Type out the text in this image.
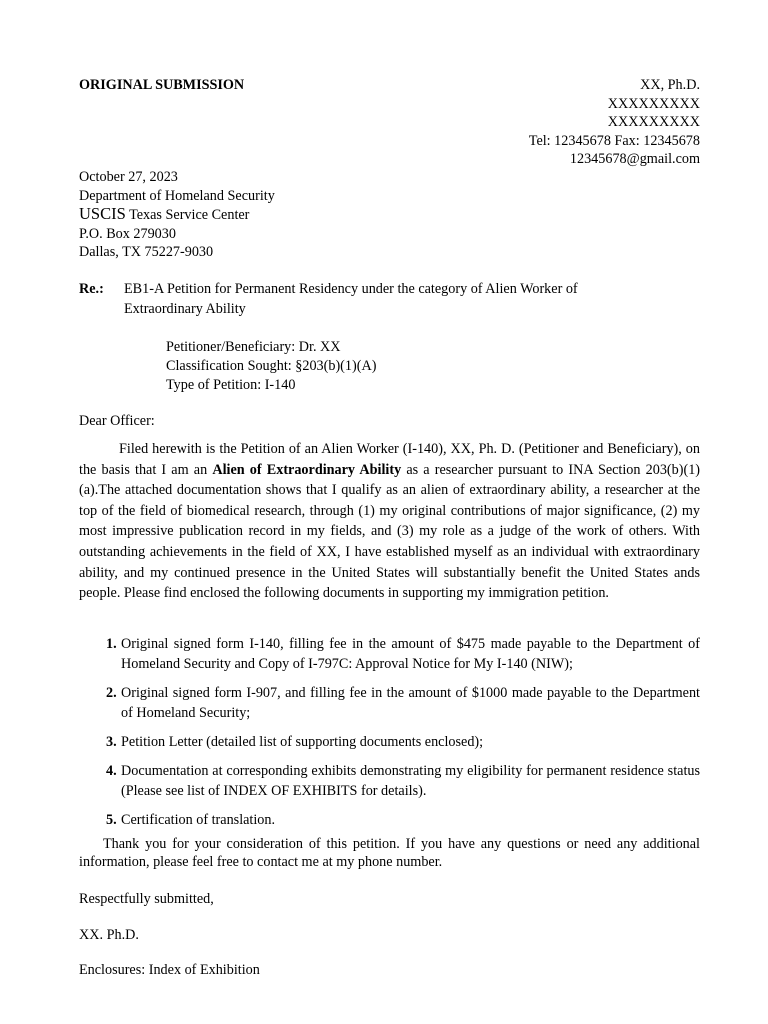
ORIGINAL SUBMISSION	XX, Ph.D.
XXXXXXXXX
XXXXXXXXX
Tel: 12345678 Fax: 12345678
12345678@gmail.com
October 27, 2023
Department of Homeland Security
USCIS Texas Service Center
P.O. Box 279030
Dallas, TX 75227-9030
Re.: EB1-A Petition for Permanent Residency under the category of Alien Worker of Extraordinary Ability
Petitioner/Beneficiary: Dr. XX
Classification Sought: §203(b)(1)(A)
Type of Petition: I-140
Dear Officer:

Filed herewith is the Petition of an Alien Worker (I-140), XX, Ph. D. (Petitioner and Beneficiary), on the basis that I am an Alien of Extraordinary Ability as a researcher pursuant to INA Section 203(b)(1)(a).The attached documentation shows that I qualify as an alien of extraordinary ability, a researcher at the top of the field of biomedical research, through (1) my original contributions of major significance, (2) my most impressive publication record in my fields, and (3) my role as a judge of the work of others. With outstanding achievements in the field of XX, I have established myself as an individual with extraordinary ability, and my continued presence in the United States will substantially benefit the United States ands people. Please find enclosed the following documents in supporting my immigration petition.

1. Original signed form I-140, filling fee in the amount of $475 made payable to the Department of Homeland Security and Copy of I-797C: Approval Notice for My I-140 (NIW);
2. Original signed form I-907, and filling fee in the amount of $1000 made payable to the Department of Homeland Security;
3. Petition Letter (detailed list of supporting documents enclosed);
4. Documentation at corresponding exhibits demonstrating my eligibility for permanent residence status (Please see list of INDEX OF EXHIBITS for details).
5. Certification of translation.

Thank you for your consideration of this petition. If you have any questions or need any additional information, please feel free to contact me at my phone number.

Respectfully submitted,
XX. Ph.D.
Enclosures: Index of Exhibition
